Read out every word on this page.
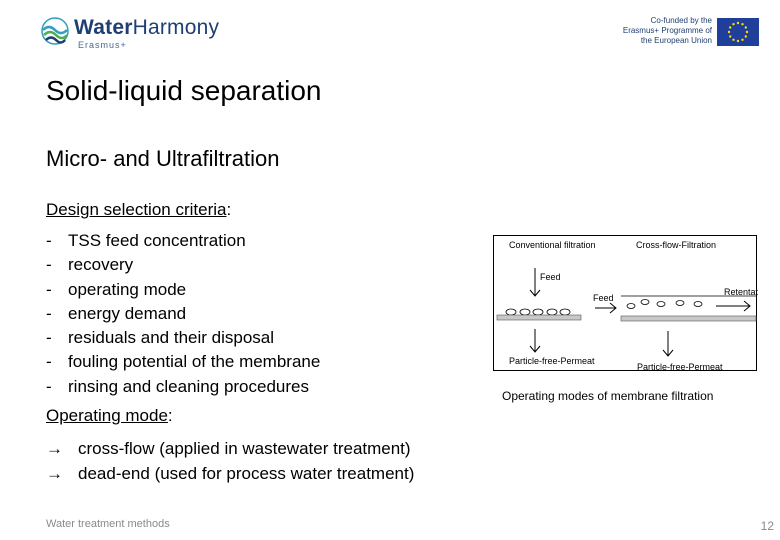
WaterHarmony
Erasmus+
Co-funded by the Erasmus+ Programme of the European Union
Solid-liquid separation
Micro- and Ultrafiltration
Design selection criteria:
- TSS feed concentration
- recovery
- operating mode
- energy demand
- residuals and their disposal
- fouling potential of the membrane
- rinsing and cleaning procedures
Operating mode:
→ cross-flow (applied in wastewater treatment)
→ dead-end (used for process water treatment)
Conventional filtration	Cross-flow-Filtration
Feed
Particle-free-Permeat
Feed
Retentat
Particle-free-Permeat
Operating modes of membrane filtration
Water treatment methods	12
